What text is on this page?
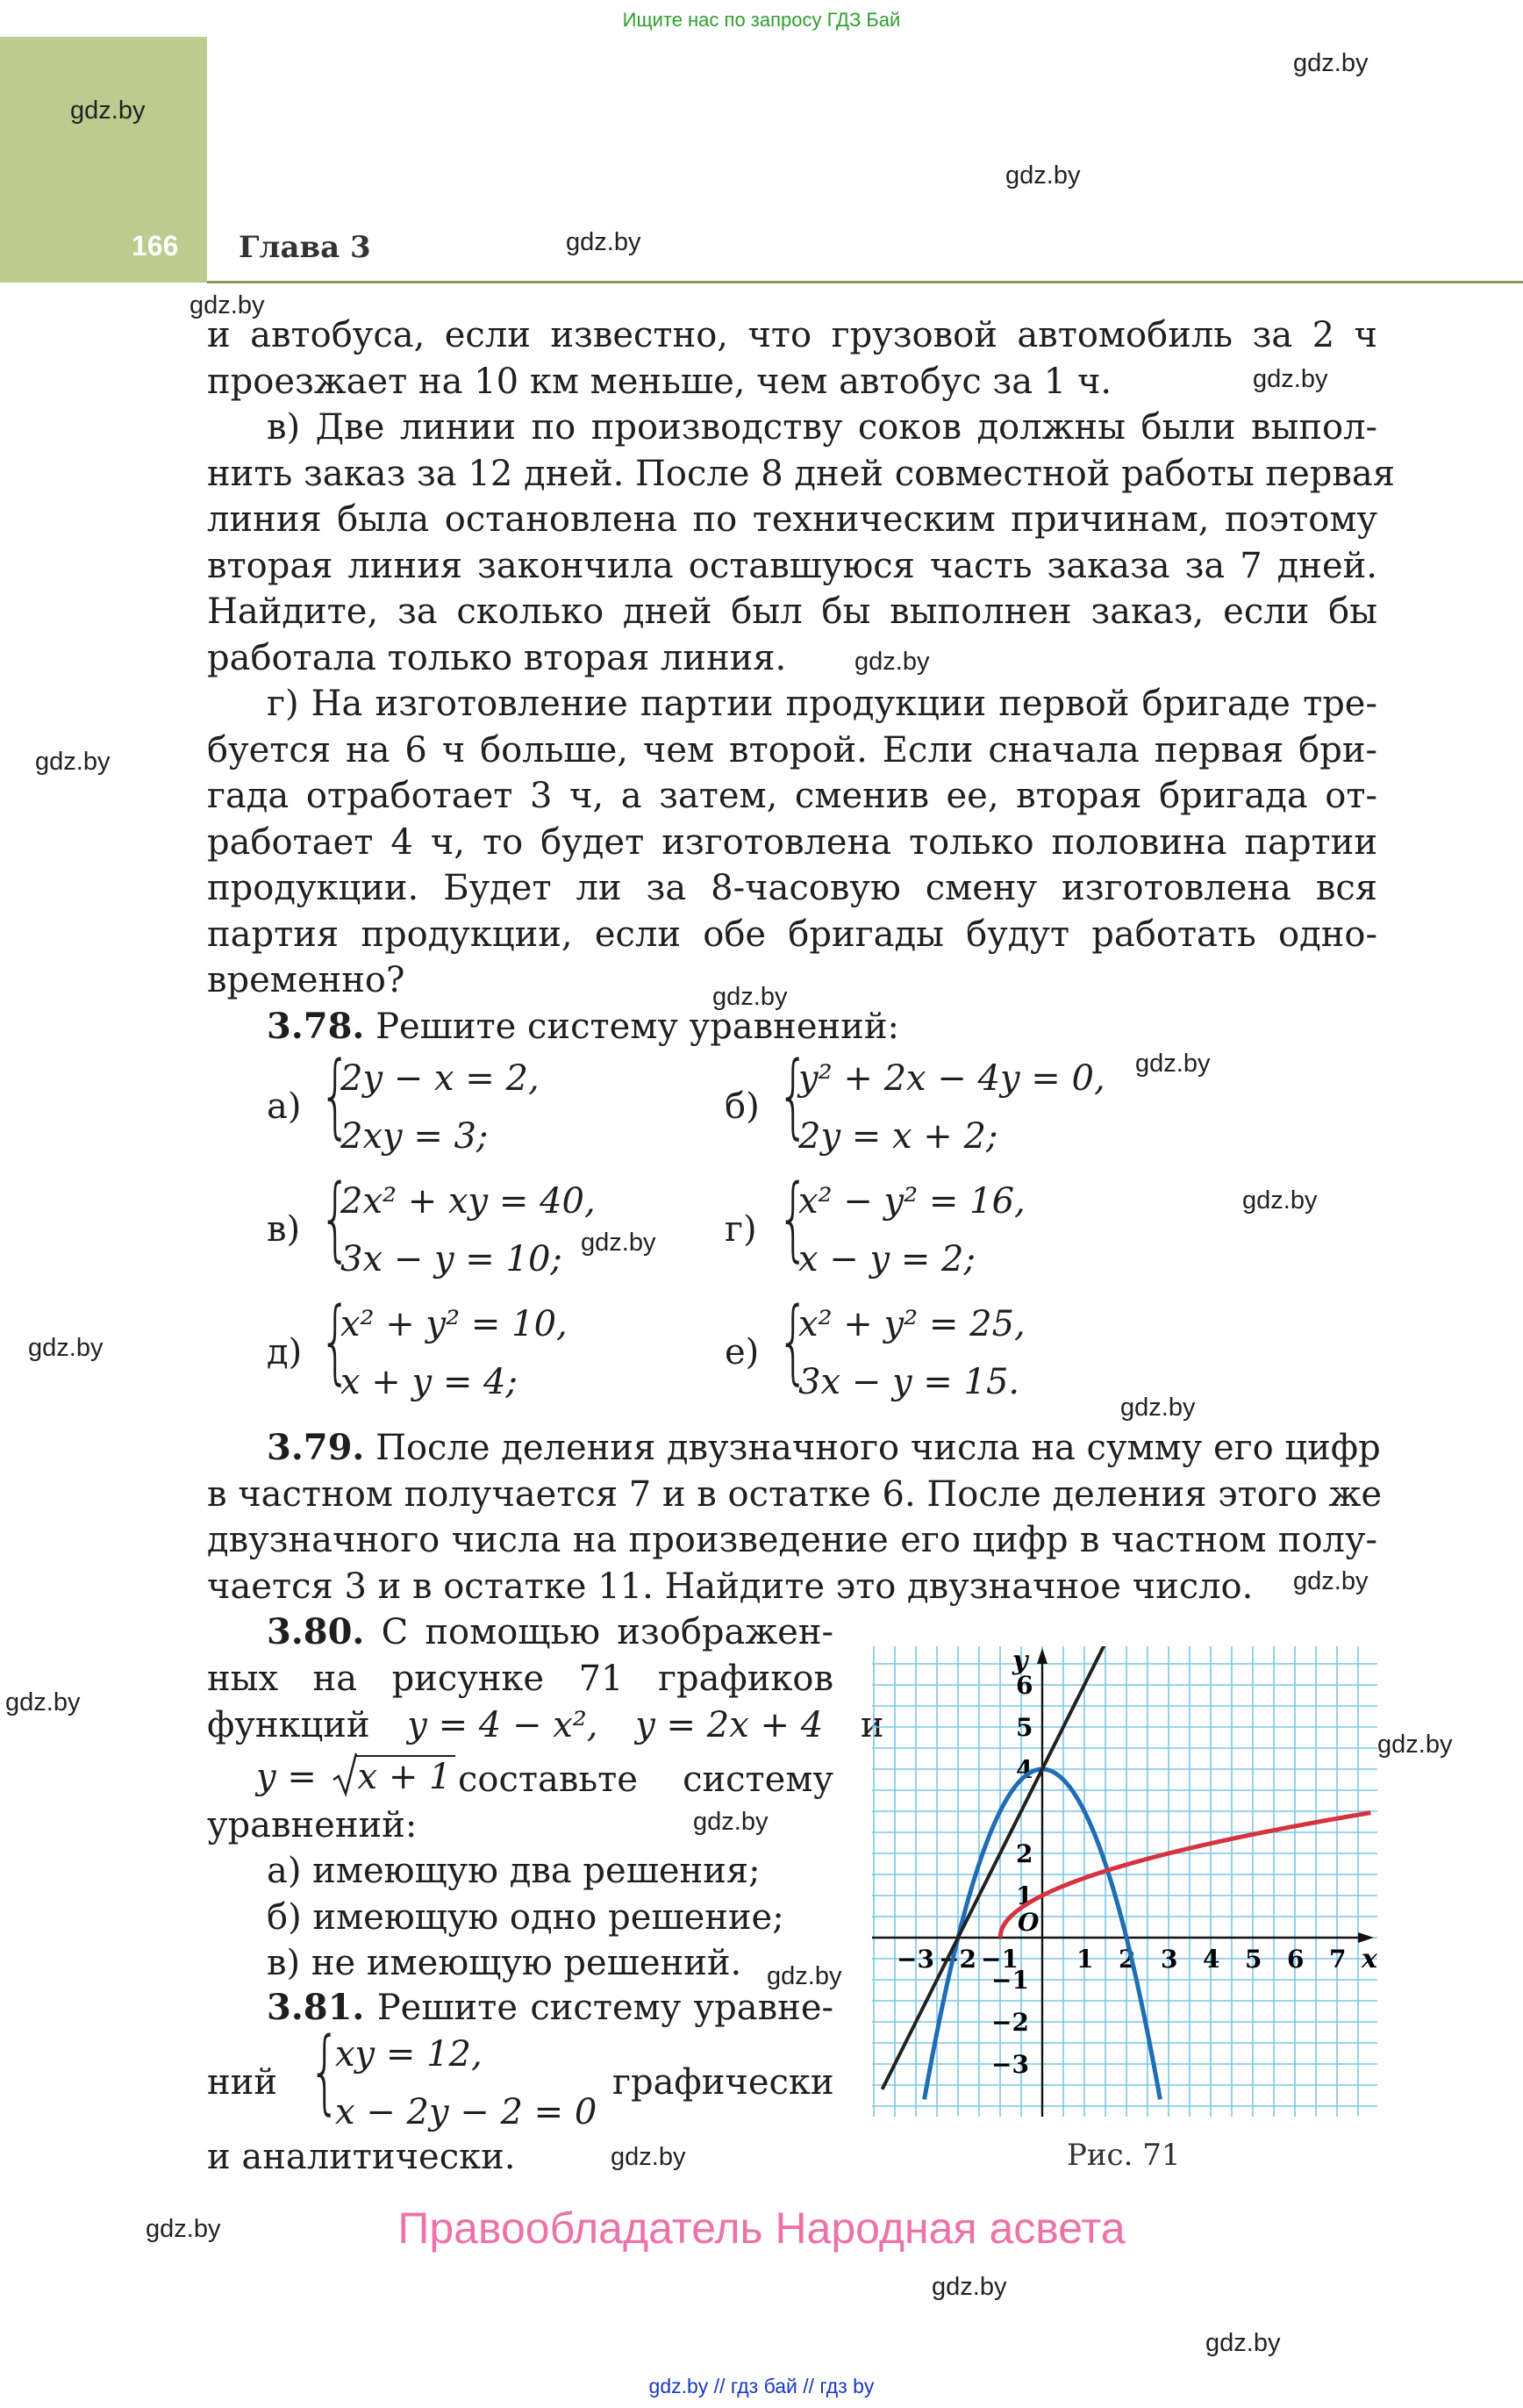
Ищите нас по запросу ГДЗ Бай
166 Глава 3
gdz.by
gdz.by
gdz.by
gdz.by
gdz.by
gdz.by
gdz.by
gdz.by
gdz.by
gdz.by
gdz.by
gdz.by
gdz.by
gdz.by
gdz.by
gdz.by
gdz.by
gdz.by
gdz.by
gdz.by
gdz.by
gdz.by
gdz.by
и автобуса, если известно, что грузовой автомобиль за 2 ч
проезжает на 10 км меньше, чем автобус за 1 ч.
в) Две линии по производству соков должны были выпол-
нить заказ за 12 дней. После 8 дней совместной работы первая
линия была остановлена по техническим причинам, поэтому
вторая линия закончила оставшуюся часть заказа за 7 дней.
Найдите, за сколько дней был бы выполнен заказ, если бы
работала только вторая линия.
г) На изготовление партии продукции первой бригаде тре-
буется на 6 ч больше, чем второй. Если сначала первая бри-
гада отработает 3 ч, а затем, сменив ее, вторая бригада от-
работает 4 ч, то будет изготовлена только половина партии
продукции. Будет ли за 8-часовую смену изготовлена вся
партия продукции, если обе бригады будут работать одно-
временно?
3.78. Решите систему уравнений:
а) {
2y − x = 2,
2xy = 3;
б) {
y² + 2x − 4y = 0,
2y = x + 2;
в) {
2x² + xy = 40,
3x − y = 10;
г) {
x² − y² = 16,
x − y = 2;
д) {
x² + y² = 10,
x + y = 4;
е) {
x² + y² = 25,
3x − y = 15.
3.79. После деления двузначного числа на сумму его цифр
в частном получается 7 и в остатке 6. После деления этого же
двузначного числа на произведение его цифр в частном полу-
чается 3 и в остатке 11. Найдите это двузначное число.
3.80. С помощью изображен-
ных на рисунке 71 графиков
функций y = 4 − x², y = 2x + 4 и
y = x + 1 составьте систему
уравнений:
а) имеющую два решения;
б) имеющую одно решение;
в) не имеющую решений.
3.81. Решите систему уравне-
ний {
xy = 12,
x − 2y − 2 = 0
графически
и аналитически.
x
y
O
−3 −2 −1 1 2 3 4 5 6 7
6
5
4
2
1
−1
−2
−3
Рис. 71
Правообладатель Народная асвета
gdz.by // гдз бай // гдз by
